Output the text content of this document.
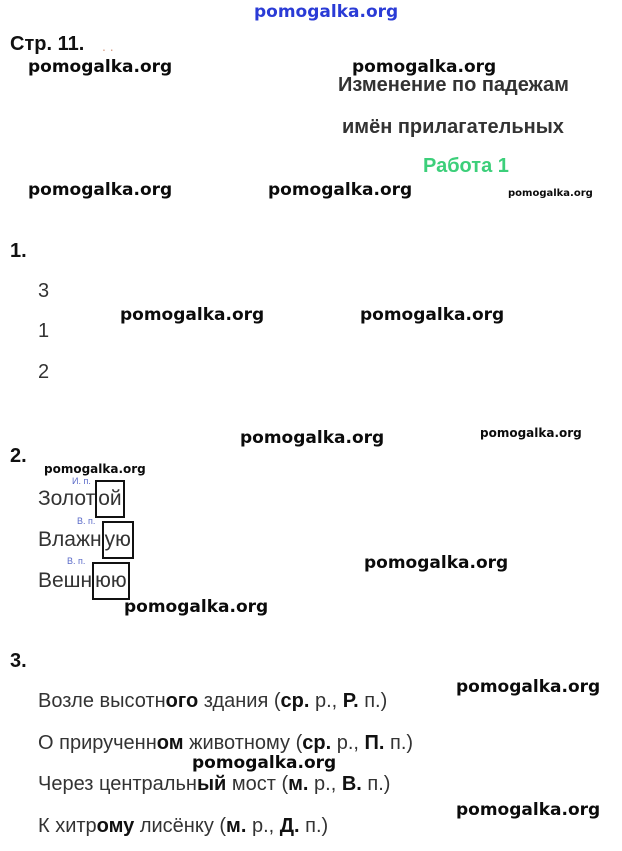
pomogalka.org
pomogalka.org	pomogalka.org
pomogalka.org	pomogalka.org	pomogalka.org
pomogalka.org	pomogalka.org
pomogalka.org	pomogalka.org
pomogalka.org
pomogalka.org
pomogalka.org
pomogalka.org
pomogalka.org
pomogalka.org
Стр. 11. . .
Изменение по падежам
имён прилагательных
Работа 1
1.
3
1
2
2.
И. п.
Золот ой
В. п.
Влажн ую
В. п.
Вешн юю
3.
Возле высотного здания (ср. р., Р. п.)
О прирученном животному (ср. р., П. п.)
Через центральный мост (м. р., В. п.)
К хитрому лисёнку (м. р., Д. п.)
